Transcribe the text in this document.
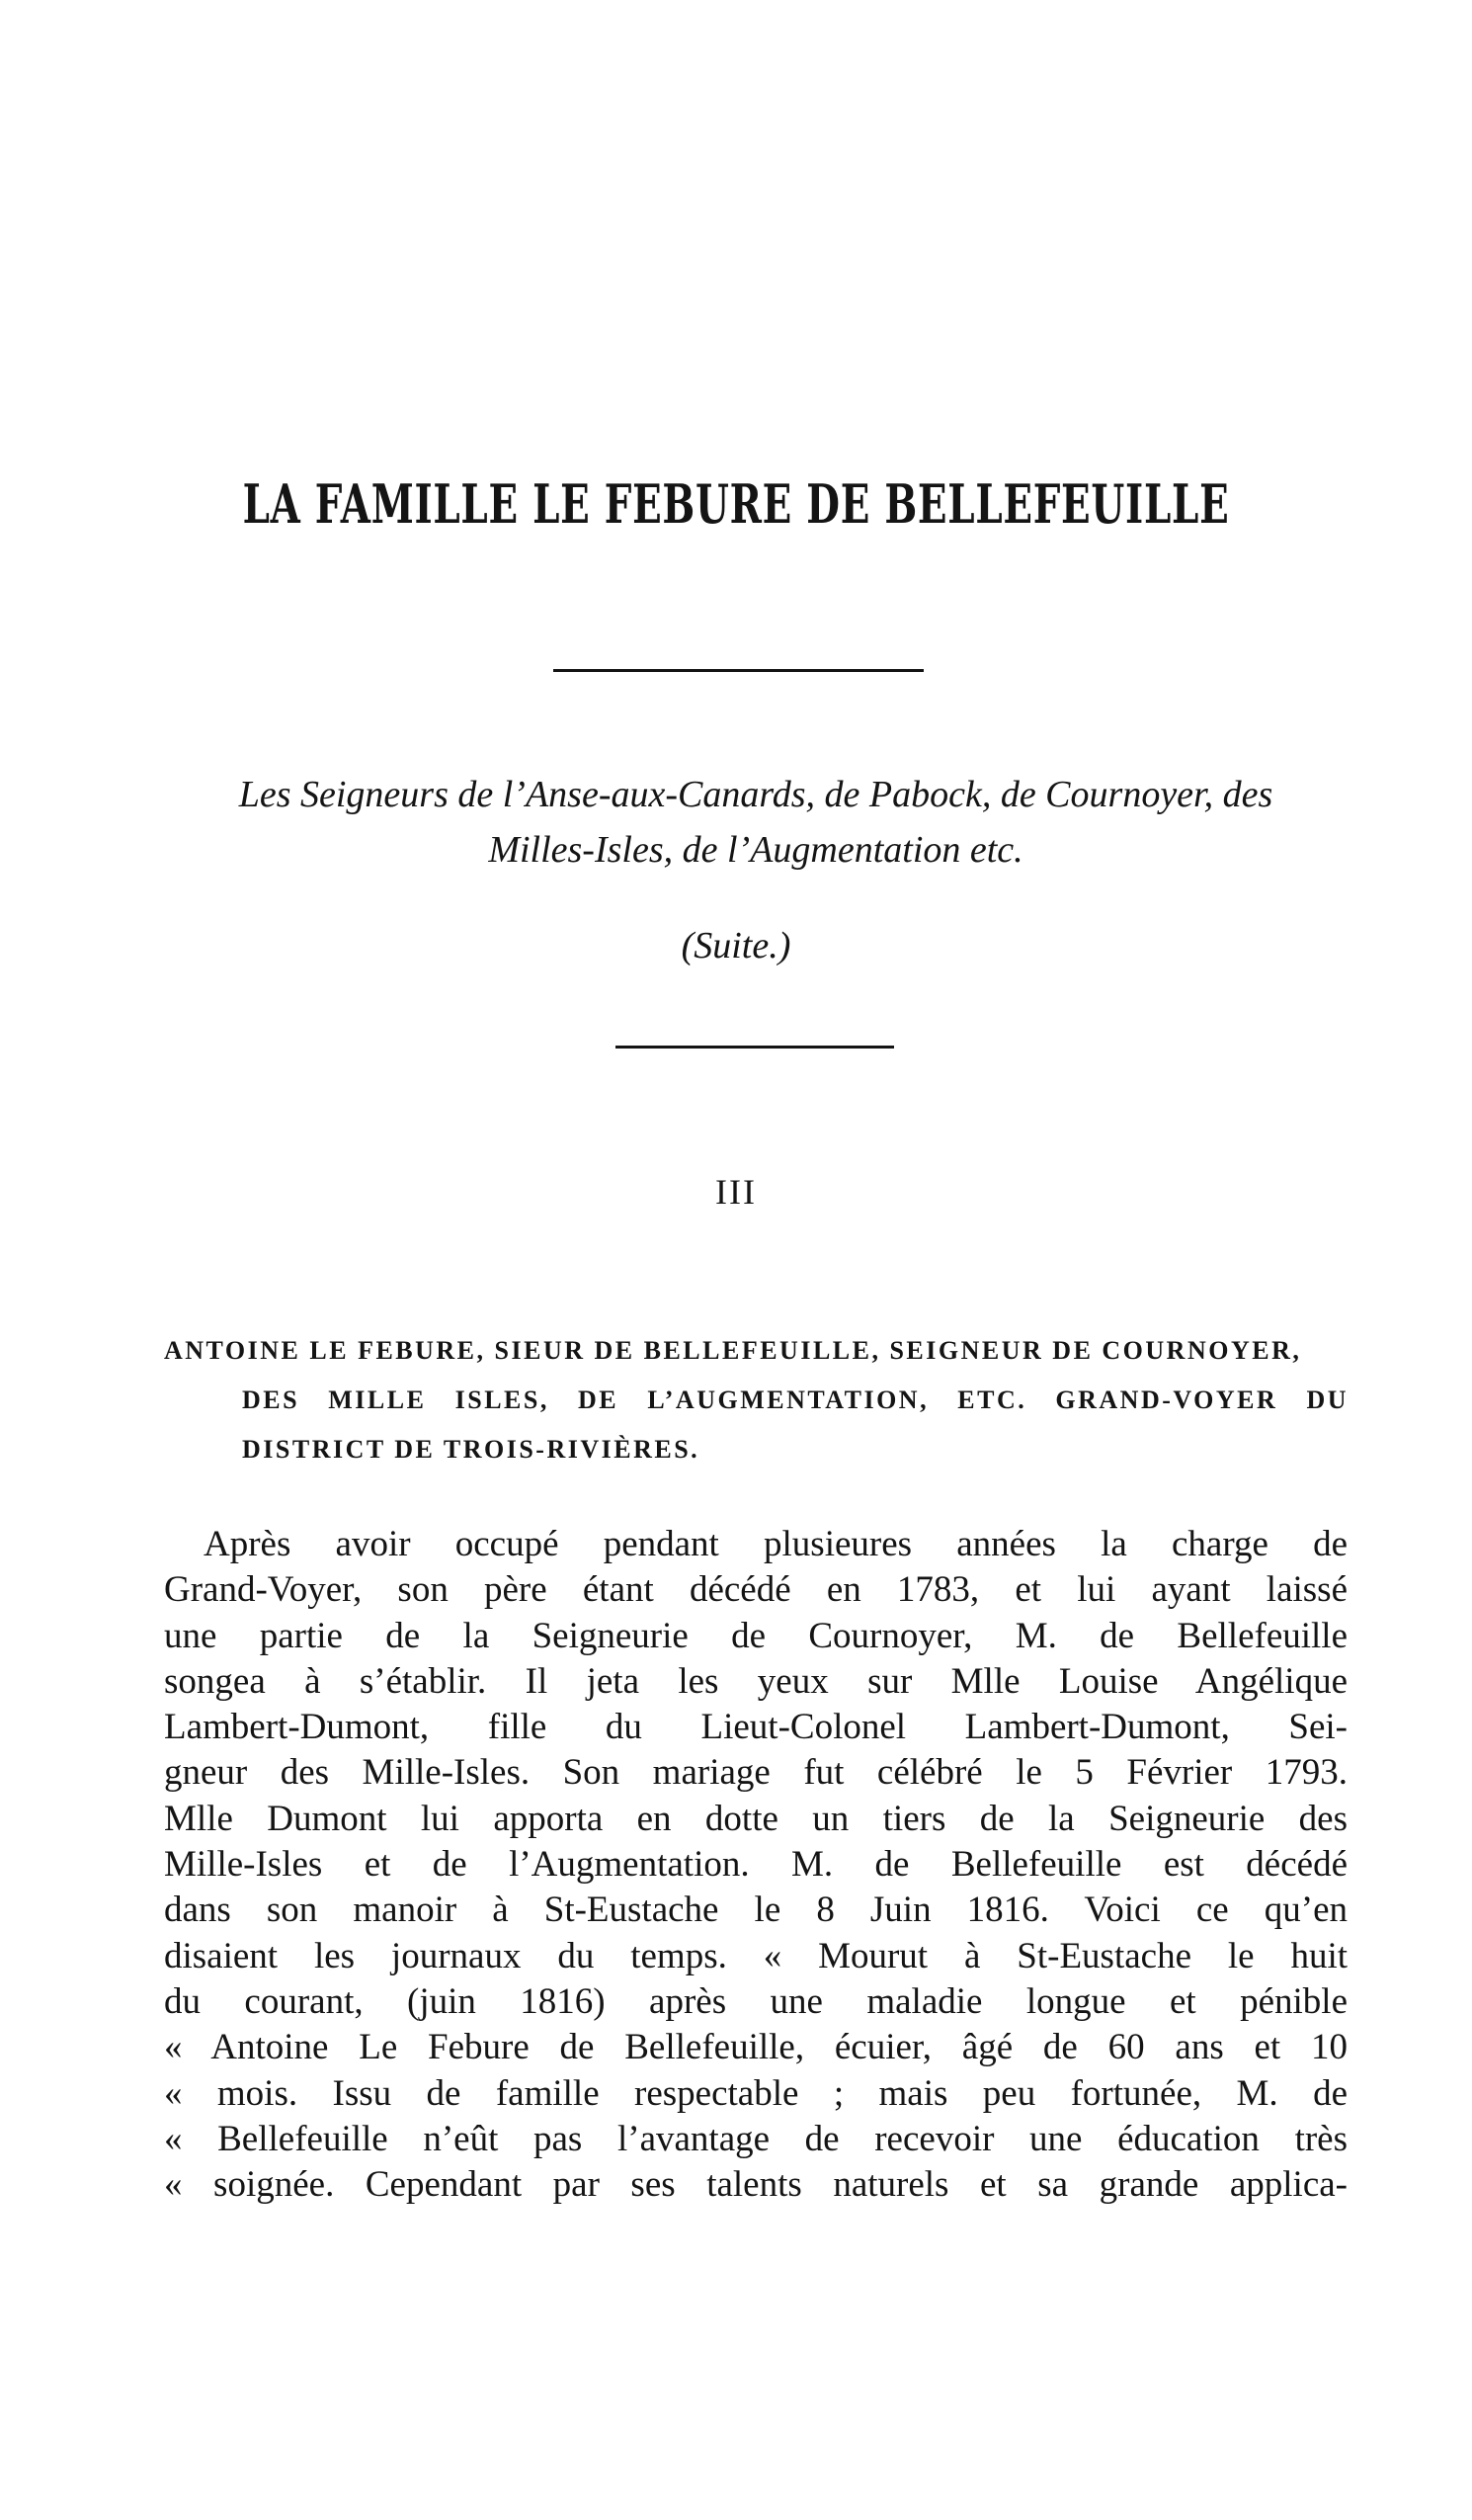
LA FAMILLE LE FEBURE DE BELLEFEUILLE

Les Seigneurs de l’Anse-aux-Canards, de Pabock, de Cournoyer, des

Milles-Isles, de l’Augmentation etc.

(Suite.)

III

ANTOINE LE FEBURE, SIEUR DE BELLEFEUILLE, SEIGNEUR DE COURNOYER,
DES MILLE ISLES, DE L’AUGMENTATION, ETC. GRAND-VOYER DU
DISTRICT DE TROIS-RIVIÈRES.
Après avoir occupé pendant plusieures années la charge de
Grand-Voyer, son père étant décédé en 1783, et lui ayant laissé
une partie de la Seigneurie de Cournoyer, M. de Bellefeuille
songea à s’établir. Il jeta les yeux sur Mlle Louise Angélique
Lambert-Dumont, fille du Lieut-Colonel Lambert-Dumont, Sei-
gneur des Mille-Isles. Son mariage fut célébré le 5 Février 1793.
Mlle Dumont lui apporta en dotte un tiers de la Seigneurie des
Mille-Isles et de l’Augmentation. M. de Bellefeuille est décédé
dans son manoir à St-Eustache le 8 Juin 1816. Voici ce qu’en
disaient les journaux du temps. « Mourut à St-Eustache le huit
du courant, (juin 1816) après une maladie longue et pénible
« Antoine Le Febure de Bellefeuille, écuier, âgé de 60 ans et 10
« mois. Issu de famille respectable ; mais peu fortunée, M. de
« Bellefeuille n’eût pas l’avantage de recevoir une éducation très
« soignée. Cependant par ses talents naturels et sa grande applica-
